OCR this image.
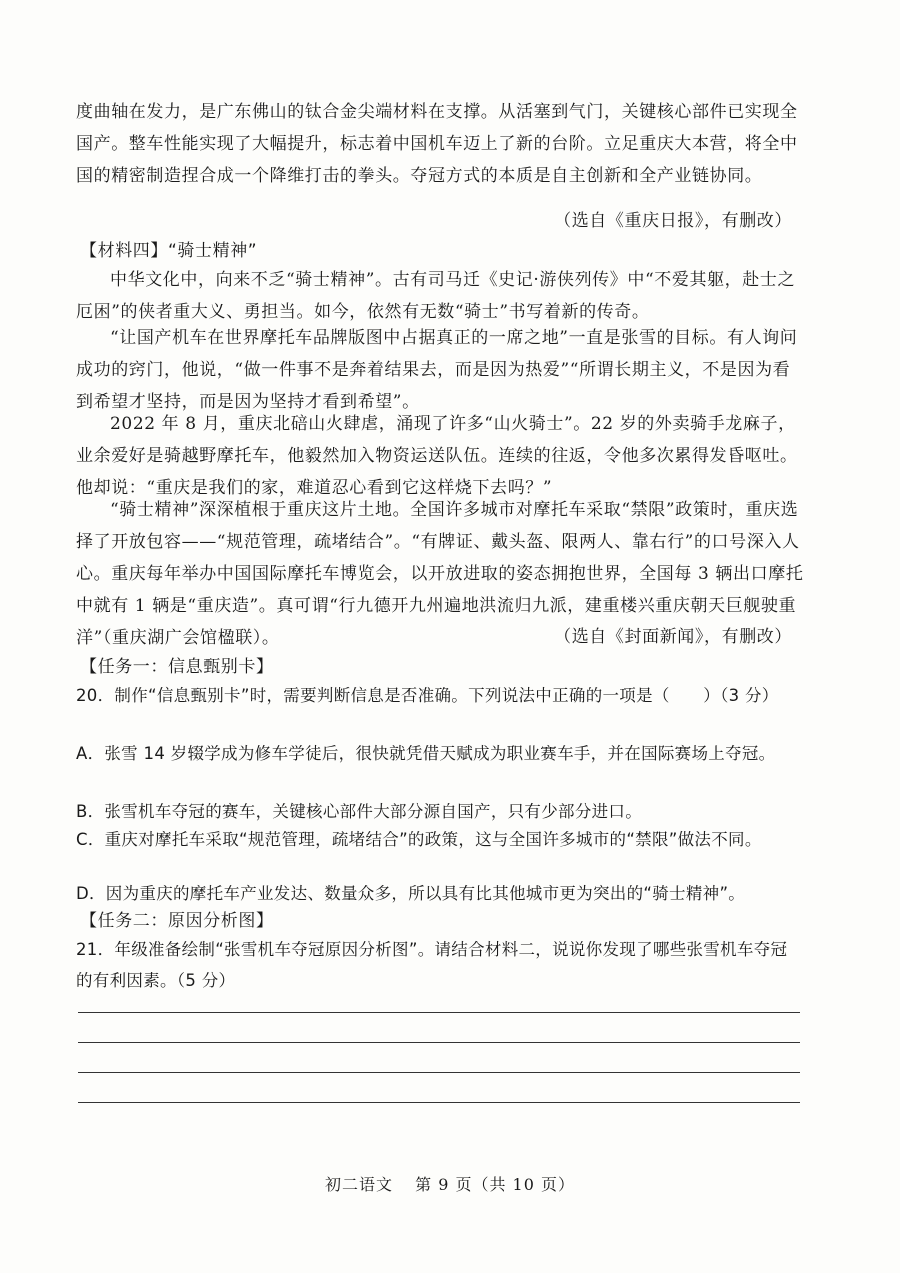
度曲轴在发力，是广东佛山的钛合金尖端材料在支撑。从活塞到气门，关键核心部件已实现全国产。整车性能实现了大幅提升，标志着中国机车迈上了新的台阶。立足重庆大本营，将全中国的精密制造捏合成一个降维打击的拳头。夺冠方式的本质是自主创新和全产业链协同。

（选自《重庆日报》，有删改）
【材料四】“骑士精神”

中华文化中，向来不乏“骑士精神”。古有司马迁《史记·游侠列传》中“不爱其躯，赴士之厄困”的侠者重大义、勇担当。如今，依然有无数“骑士”书写着新的传奇。

“让国产机车在世界摩托车品牌版图中占据真正的一席之地”一直是张雪的目标。有人询问成功的窍门，他说，“做一件事不是奔着结果去，而是因为热爱”“所谓长期主义，不是因为看到希望才坚持，而是因为坚持才看到希望”。

2022 年 8 月，重庆北碚山火肆虐，涌现了许多“山火骑士”。22 岁的外卖骑手龙麻子，业余爱好是骑越野摩托车，他毅然加入物资运送队伍。连续的往返，令他多次累得发昏呕吐。他却说：“重庆是我们的家，难道忍心看到它这样烧下去吗？”

“骑士精神”深深植根于重庆这片土地。全国许多城市对摩托车采取“禁限”政策时，重庆选择了开放包容——“规范管理，疏堵结合”。“有牌证、戴头盔、限两人、靠右行”的口号深入人心。重庆每年举办中国国际摩托车博览会，以开放进取的姿态拥抱世界，全国每 3 辆出口摩托中就有 1 辆是“重庆造”。真可谓“行九德开九州遍地洪流归九派，建重楼兴重庆朝天巨舰驶重洋”（重庆湖广会馆楹联）。	（选自《封面新闻》，有删改）
【任务一：信息甄别卡】

20．制作“信息甄别卡”时，需要判断信息是否准确。下列说法中正确的一项是（　　）（3 分）

A．张雪 14 岁辍学成为修车学徒后，很快就凭借天赋成为职业赛车手，并在国际赛场上夺冠。

B．张雪机车夺冠的赛车，关键核心部件大部分源自国产，只有少部分进口。

C．重庆对摩托车采取“规范管理，疏堵结合”的政策，这与全国许多城市的“禁限”做法不同。

D．因为重庆的摩托车产业发达、数量众多，所以具有比其他城市更为突出的“骑士精神”。

【任务二：原因分析图】

21．年级准备绘制“张雪机车夺冠原因分析图”。请结合材料二，说说你发现了哪些张雪机车夺冠的有利因素。（5 分）

初二语文 第 9 页（共 10 页）
